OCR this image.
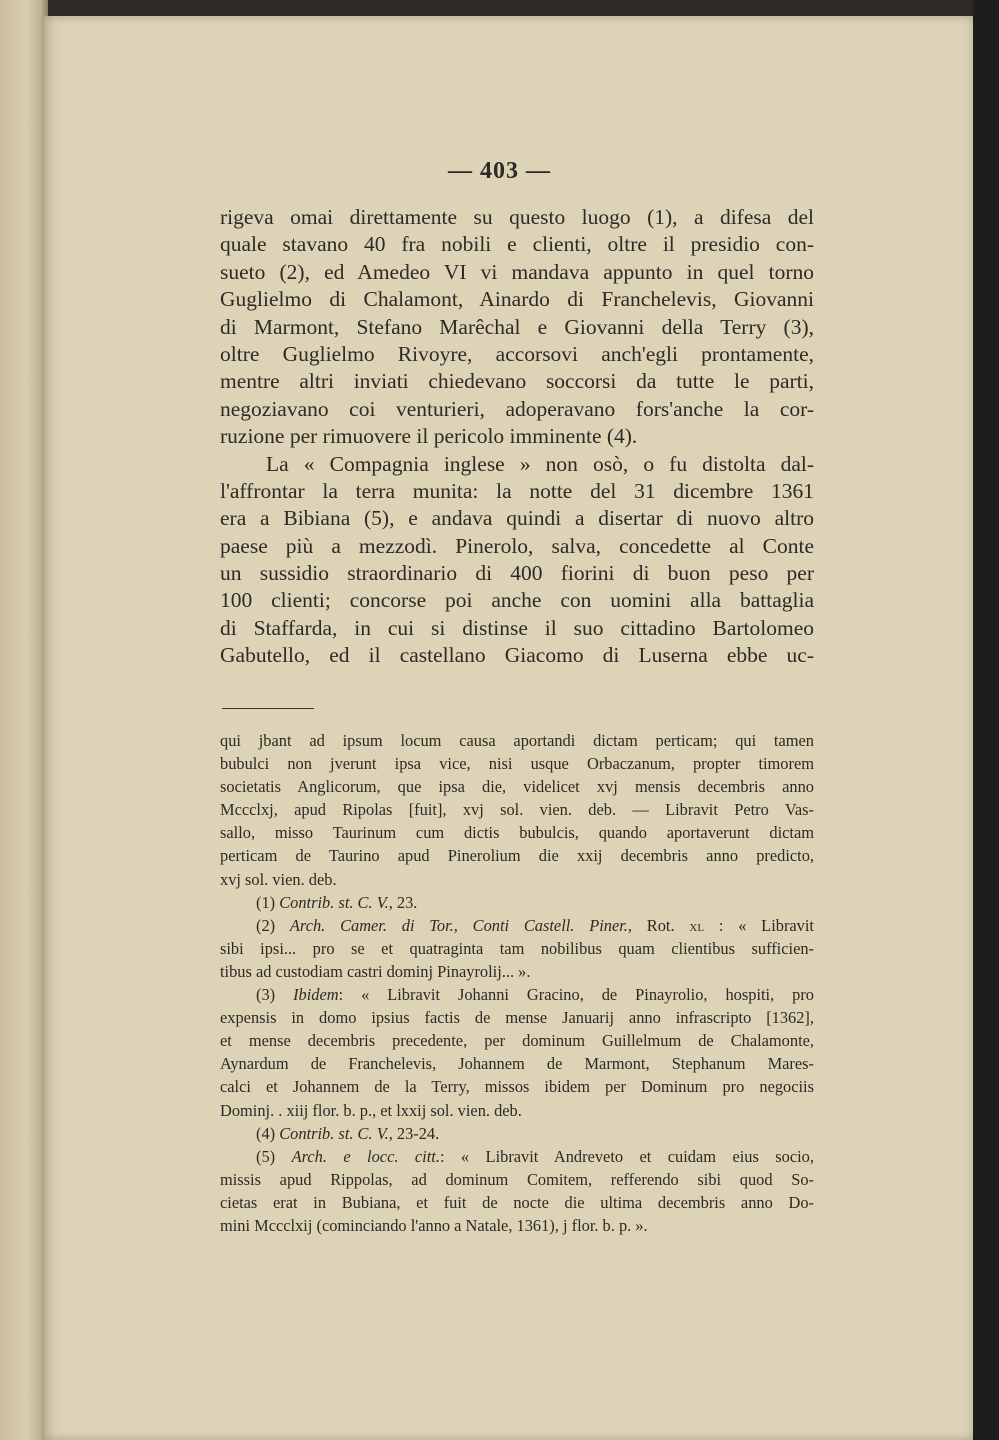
— 403 —
rigeva omai direttamente su questo luogo (1), a difesa del
quale stavano 40 fra nobili e clienti, oltre il presidio con-
sueto (2), ed Amedeo VI vi mandava appunto in quel torno
Guglielmo di Chalamont, Ainardo di Franchelevis, Giovanni
di Marmont, Stefano Marêchal e Giovanni della Terry (3),
oltre Guglielmo Rivoyre, accorsovi anch'egli prontamente,
mentre altri inviati chiedevano soccorsi da tutte le parti,
negoziavano coi venturieri, adoperavano fors'anche la cor-
ruzione per rimuovere il pericolo imminente (4).
La « Compagnia inglese » non osò, o fu distolta dal-
l'affrontar la terra munita: la notte del 31 dicembre 1361
era a Bibiana (5), e andava quindi a disertar di nuovo altro
paese più a mezzodì. Pinerolo, salva, concedette al Conte
un sussidio straordinario di 400 fiorini di buon peso per
100 clienti; concorse poi anche con uomini alla battaglia
di Staffarda, in cui si distinse il suo cittadino Bartolomeo
Gabutello, ed il castellano Giacomo di Luserna ebbe uc-
qui jbant ad ipsum locum causa aportandi dictam perticam; qui tamen
bubulci non jverunt ipsa vice, nisi usque Orbaczanum, propter timorem
societatis Anglicorum, que ipsa die, videlicet xvj mensis decembris anno
Mccclxj, apud Ripolas [fuit], xvj sol. vien. deb. — Libravit Petro Vas-
sallo, misso Taurinum cum dictis bubulcis, quando aportaverunt dictam
perticam de Taurino apud Pinerolium die xxij decembris anno predicto,
xvj sol. vien. deb.
(1) Contrib. st. C. V., 23.
(2) Arch. Camer. di Tor., Conti Castell. Piner., Rot. xl : « Libravit
sibi ipsi... pro se et quatraginta tam nobilibus quam clientibus sufficien-
tibus ad custodiam castri dominj Pinayrolij... ».
(3) Ibidem: « Libravit Johanni Gracino, de Pinayrolio, hospiti, pro
expensis in domo ipsius factis de mense Januarij anno infrascripto [1362],
et mense decembris precedente, per dominum Guillelmum de Chalamonte,
Aynardum de Franchelevis, Johannem de Marmont, Stephanum Mares-
calci et Johannem de la Terry, missos ibidem per Dominum pro negociis
Dominj. . xiij flor. b. p., et lxxij sol. vien. deb.
(4) Contrib. st. C. V., 23-24.
(5) Arch. e locc. citt.: « Libravit Andreveto et cuidam eius socio,
missis apud Rippolas, ad dominum Comitem, refferendo sibi quod So-
cietas erat in Bubiana, et fuit de nocte die ultima decembris anno Do-
mini Mccclxij (cominciando l'anno a Natale, 1361), j flor. b. p. ».
